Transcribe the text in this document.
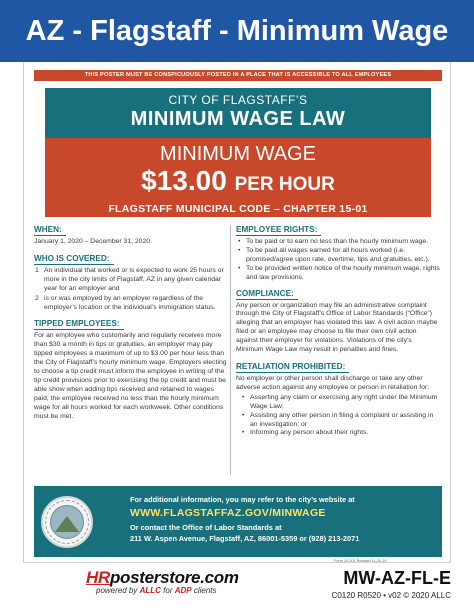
AZ - Flagstaff - Minimum Wage
THIS POSTER MUST BE CONSPICUOUSLY POSTED IN A PLACE THAT IS ACCESSIBLE TO ALL EMPLOYEES
CITY OF FLAGSTAFF’S
MINIMUM WAGE LAW
MINIMUM WAGE
$13.00 PER HOUR
FLAGSTAFF MUNICIPAL CODE – CHAPTER 15-01
WHEN:

January 1, 2020 – December 31, 2020

WHO IS COVERED:
1 An individual that worked or is expected to work 25 hours or more in the city limits of Flagstaff, AZ in any given calendar year for an employer and
2 is or was employed by an employer regardless of the employer’s location or the individual’s immigration status.
TIPPED EMPLOYEES:

For an employee who customarily and regularly receives more than $30 a month in tips or gratuities, an employer may pay tipped employees a maximum of up to $3.00 per hour less than the City of Flagstaff’s hourly minimum wage. Employers electing to choose a tip credit must inform the employee in writing of the tip credit provisions prior to exercising the tip credit and must be able show when adding tips received and retained to wages paid, the employee received no less than the hourly minimum wage for all hours worked for each workweek. Other conditions must be met.

EMPLOYEE RIGHTS:
• To be paid or to earn no less than the hourly minimum wage.
• To be paid all wages earned for all hours worked (i.e. promised/agree upon rate, overtime, tips and gratuities, etc.).
• To be provided written notice of the hourly minimum wage, rights and law provisions.
COMPLIANCE:

Any person or organization may file an administrative complaint through the City of Flagstaff’s Office of Labor Standards (“Office”) alleging that an employer has violated this law. A civil action maybe filed or an employee may choose to file their own civil action against their employer for violations. Violations of the city’s Minimum Wage Law may result in penalties and fines.

RETALIATION PROHIBITED:

No employer or other person shall discharge or take any other adverse action against any employee or person in retaliation for:

• Asserting any claim or exercising any right under the Minimum Wage Law;
• Assisting any other person in filing a complaint or assisting in an investigation; or
• Informing any person about their rights.
For additional information, you may refer to the city’s website at
WWW.FLAGSTAFFAZ.GOV/MINWAGE
Or contact the Office of Labor Standards at
211 W. Aspen Avenue, Flagstaff, AZ, 86001-5359 or (928) 213-2071
Form 15-001 Revised 11-20-19
HRposterstore.com
powered by ALLC for ADP clients
MW-AZ-FL-E
C0120 R0520 • v02 © 2020 ALLC
